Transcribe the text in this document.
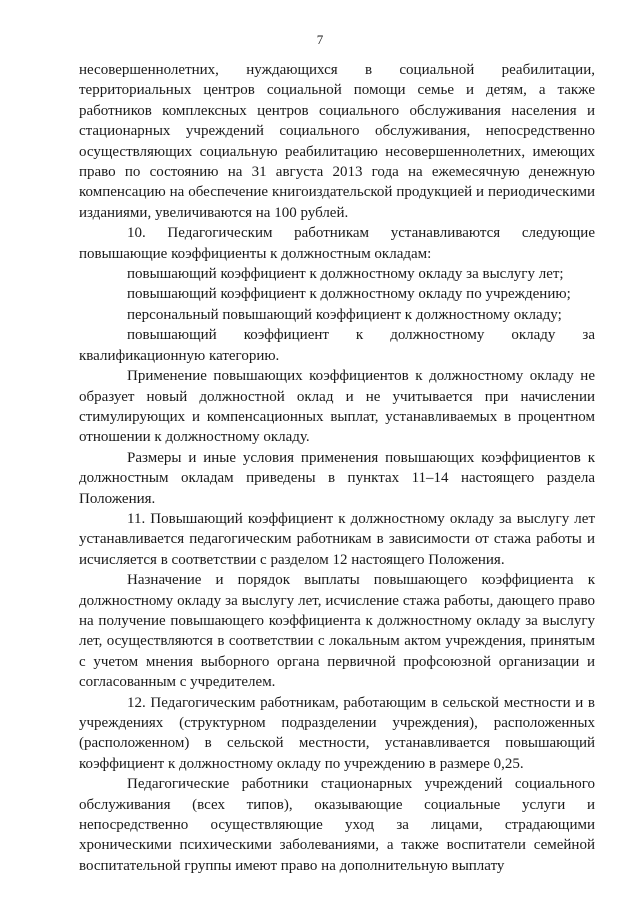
7

несовершеннолетних, нуждающихся в социальной реабилитации, территориальных центров социальной помощи семье и детям, а также работников комплексных центров социального обслуживания населения и стационарных учреждений социального обслуживания, непосредственно осуществляющих социальную реабилитацию несовершеннолетних, имеющих право по состоянию на 31 августа 2013 года на ежемесячную денежную компенсацию на обеспечение книгоиздательской продукцией и периодическими изданиями, увеличиваются на 100 рублей.

10. Педагогическим работникам устанавливаются следующие повышающие коэффициенты к должностным окладам:

повышающий коэффициент к должностному окладу за выслугу лет;

повышающий коэффициент к должностному окладу по учреждению;

персональный повышающий коэффициент к должностному окладу;

повышающий коэффициент к должностному окладу за квалификационную категорию.

Применение повышающих коэффициентов к должностному окладу не образует новый должностной оклад и не учитывается при начислении стимулирующих и компенсационных выплат, устанавливаемых в процентном отношении к должностному окладу.

Размеры и иные условия применения повышающих коэффициентов к должностным окладам приведены в пунктах 11–14 настоящего раздела Положения.

11. Повышающий коэффициент к должностному окладу за выслугу лет устанавливается педагогическим работникам в зависимости от стажа работы и исчисляется в соответствии с разделом 12 настоящего Положения.

Назначение и порядок выплаты повышающего коэффициента к должностному окладу за выслугу лет, исчисление стажа работы, дающего право на получение повышающего коэффициента к должностному окладу за выслугу лет, осуществляются в соответствии с локальным актом учреждения, принятым с учетом мнения выборного органа первичной профсоюзной организации и согласованным с учредителем.

12. Педагогическим работникам, работающим в сельской местности и в учреждениях (структурном подразделении учреждения), расположенных (расположенном) в сельской местности, устанавливается повышающий коэффициент к должностному окладу по учреждению в размере 0,25.

Педагогические работники стационарных учреждений социального обслуживания (всех типов), оказывающие социальные услуги и непосредственно осуществляющие уход за лицами, страдающими хроническими психическими заболеваниями, а также воспитатели семейной воспитательной группы имеют право на дополнительную выплату
